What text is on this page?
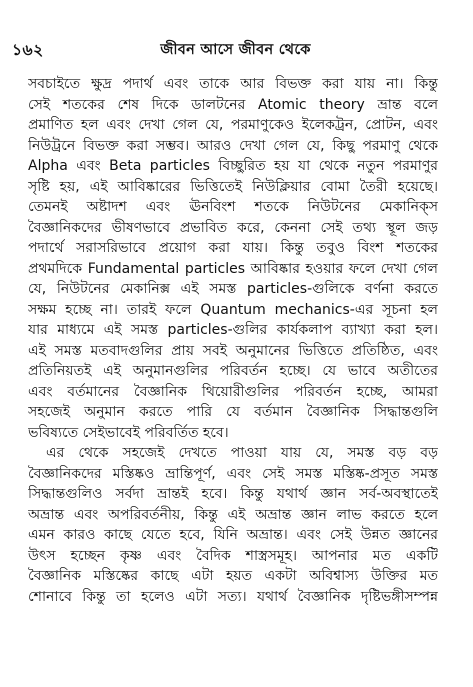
১৬২	জীবন আসে জীবন থেকে
সবচাইতে ক্ষুদ্র পদার্থ এবং তাকে আর বিভক্ত করা যায় না। কিন্তু
সেই শতকের শেষ দিকে ডালটনের Atomic theory ভ্রান্ত বলে
প্রমাণিত হল এবং দেখা গেল যে, পরমাণুকেও ইলেকট্রন, প্রোটন, এবং
নিউট্রনে বিভক্ত করা সম্ভব। আরও দেখা গেল যে, কিছু পরমাণু থেকে
Alpha এবং Beta particles বিচ্ছুরিত হয় যা থেকে নতুন পরমাণুর
সৃষ্টি হয়, এই আবিষ্কারের ভিত্তিতেই নিউক্লিয়ার বোমা তৈরী হয়েছে।
তেমনই অষ্টাদশ এবং ঊনবিংশ শতকে নিউটনের মেকানিক্‌স
বৈজ্ঞানিকদের ভীষণভাবে প্রভাবিত করে, কেননা সেই তথ্য স্থূল জড়
পদার্থে সরাসরিভাবে প্রয়োগ করা যায়। কিন্তু তবুও বিংশ শতকের
প্রথমদিকে Fundamental particles আবিষ্কার হওয়ার ফলে দেখা গেল
যে, নিউটনের মেকানিক্স এই সমস্ত particles-গুলিকে বর্ণনা করতে
সক্ষম হচ্ছে না। তারই ফলে Quantum mechanics-এর সূচনা হল
যার মাধ্যমে এই সমস্ত particles-গুলির কার্যকলাপ ব্যাখ্যা করা হল।
এই সমস্ত মতবাদগুলির প্রায় সবই অনুমানের ভিত্তিতে প্রতিষ্ঠিত, এবং
প্রতিনিয়তই এই অনুমানগুলির পরিবর্তন হচ্ছে। যে ভাবে অতীতের
এবং বর্তমানের বৈজ্ঞানিক থিয়োরীগুলির পরিবর্তন হচ্ছে, আমরা
সহজেই অনুমান করতে পারি যে বর্তমান বৈজ্ঞানিক সিদ্ধান্তগুলি
ভবিষ্যতে সেইভাবেই পরিবর্তিত হবে।
এর থেকে সহজেই দেখতে পাওয়া যায় যে, সমস্ত বড় বড়
বৈজ্ঞানিকদের মস্তিষ্কও ভ্রান্তিপূর্ণ, এবং সেই সমস্ত মস্তিষ্ক-প্রসূত সমস্ত
সিদ্ধান্তগুলিও সর্বদা ভ্রান্তই হবে। কিন্তু যথার্থ জ্ঞান সর্ব-অবস্থাতেই
অভ্রান্ত এবং অপরিবর্তনীয়, কিন্তু এই অভ্রান্ত জ্ঞান লাভ করতে হলে
এমন কারও কাছে যেতে হবে, যিনি অভ্রান্ত। এবং সেই উন্নত জ্ঞানের
উৎস হচ্ছেন কৃষ্ণ এবং বৈদিক শাস্ত্রসমূহ। আপনার মত একটি
বৈজ্ঞানিক মস্তিষ্কের কাছে এটা হয়ত একটা অবিশ্বাস্য উক্তির মত
শোনাবে কিন্তু তা হলেও এটা সত্য। যথার্থ বৈজ্ঞানিক দৃষ্টিভঙ্গীসম্পন্ন
